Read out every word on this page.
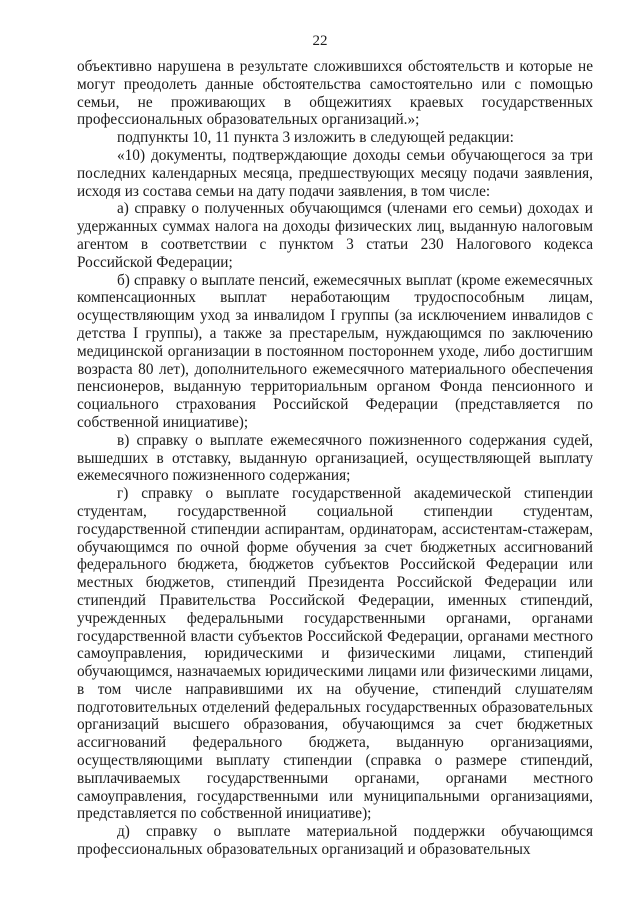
22

объективно нарушена в результате сложившихся обстоятельств и которые не могут преодолеть данные обстоятельства самостоятельно или с помощью семьи, не проживающих в общежитиях краевых государственных профессиональных образовательных организаций.»;

подпункты 10, 11 пункта 3 изложить в следующей редакции:

«10) документы, подтверждающие доходы семьи обучающегося за три последних календарных месяца, предшествующих месяцу подачи заявления, исходя из состава семьи на дату подачи заявления, в том числе:

а) справку о полученных обучающимся (членами его семьи) доходах и удержанных суммах налога на доходы физических лиц, выданную налоговым агентом в соответствии с пунктом 3 статьи 230 Налогового кодекса Российской Федерации;

б) справку о выплате пенсий, ежемесячных выплат (кроме ежемесячных компенсационных выплат неработающим трудоспособным лицам, осуществляющим уход за инвалидом I группы (за исключением инвалидов с детства I группы), а также за престарелым, нуждающимся по заключению медицинской организации в постоянном постороннем уходе, либо достигшим возраста 80 лет), дополнительного ежемесячного материального обеспечения пенсионеров, выданную территориальным органом Фонда пенсионного и социального страхования Российской Федерации (представляется по собственной инициативе);

в) справку о выплате ежемесячного пожизненного содержания судей, вышедших в отставку, выданную организацией, осуществляющей выплату ежемесячного пожизненного содержания;

г) справку о выплате государственной академической стипендии студентам, государственной социальной стипендии студентам, государственной стипендии аспирантам, ординаторам, ассистентам-стажерам, обучающимся по очной форме обучения за счет бюджетных ассигнований федерального бюджета, бюджетов субъектов Российской Федерации или местных бюджетов, стипендий Президента Российской Федерации или стипендий Правительства Российской Федерации, именных стипендий, учрежденных федеральными государственными органами, органами государственной власти субъектов Российской Федерации, органами местного самоуправления, юридическими и физическими лицами, стипендий обучающимся, назначаемых юридическими лицами или физическими лицами, в том числе направившими их на обучение, стипендий слушателям подготовительных отделений федеральных государственных образовательных организаций высшего образования, обучающимся за счет бюджетных ассигнований федерального бюджета, выданную организациями, осуществляющими выплату стипендии (справка о размере стипендий, выплачиваемых государственными органами, органами местного самоуправления, государственными или муниципальными организациями, представляется по собственной инициативе);

д) справку о выплате материальной поддержки обучающимся профессиональных образовательных организаций и образовательных
